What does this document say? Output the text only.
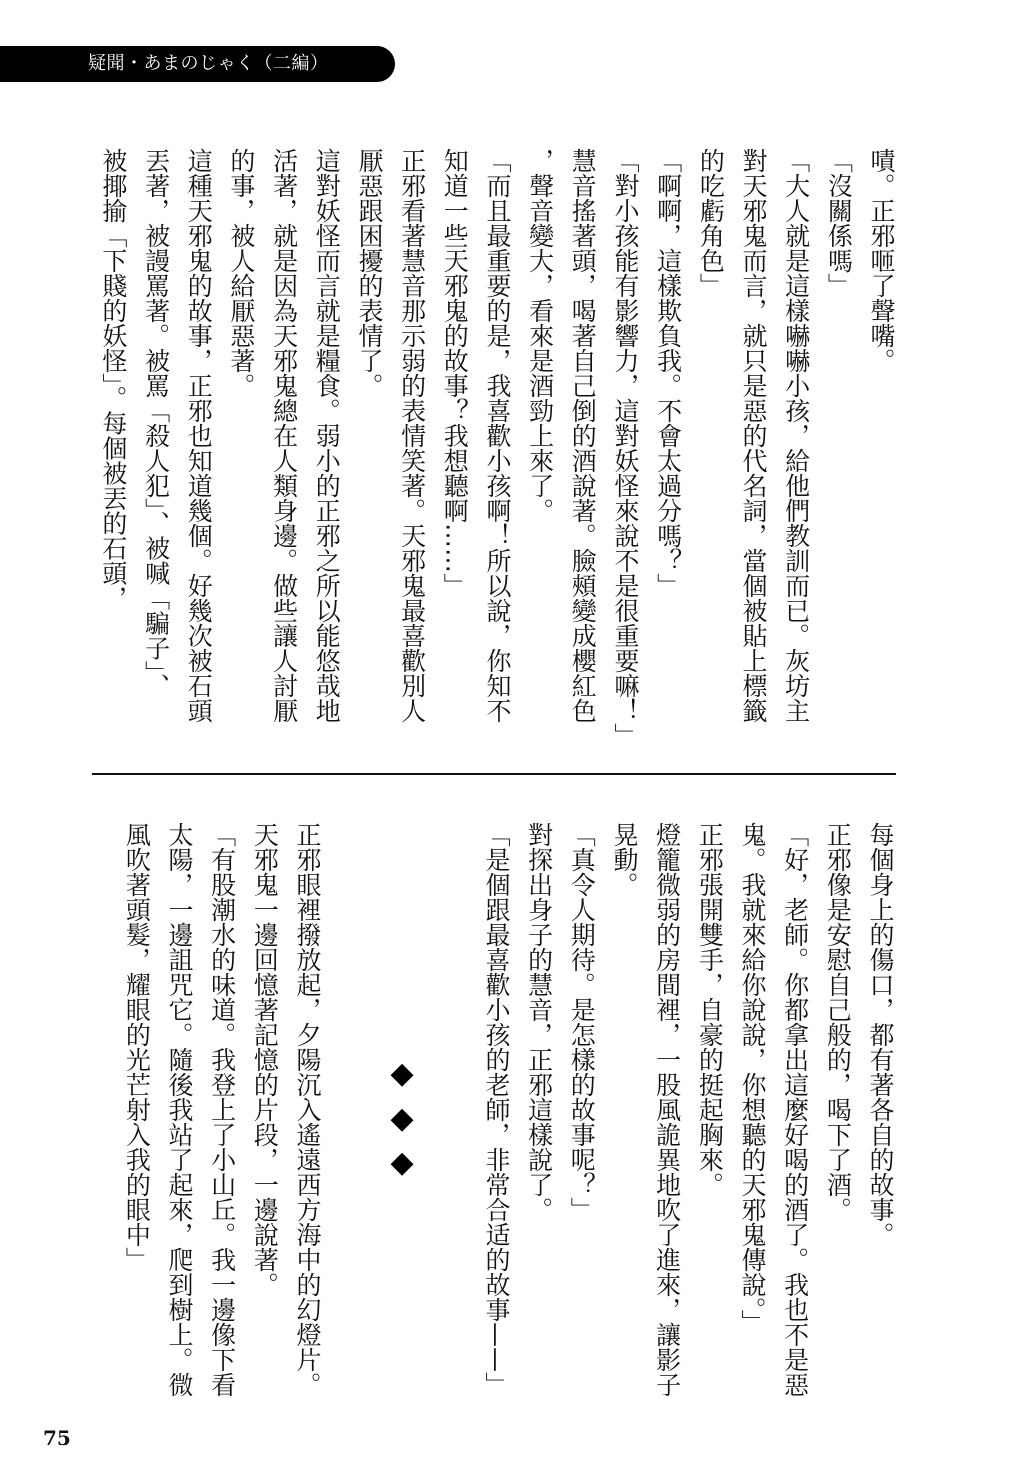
疑聞・あまのじゃく（二編）
嘖。正邪咂了聲嘴。
「沒關係嗎」
「大人就是這樣嚇嚇小孩，給他們教訓而已。灰坊主
對天邪鬼而言，就只是惡的代名詞，當個被貼上標籤
的吃虧角色」
「啊啊，這樣欺負我。不會太過分嗎？」
「對小孩能有影響力，這對妖怪來說不是很重要嘛！」
慧音搖著頭，喝著自己倒的酒說著。臉頰變成櫻紅色
，聲音變大，看來是酒勁上來了。
「而且最重要的是，我喜歡小孩啊！所以說，你知不
知道一些天邪鬼的故事？我想聽啊……」
正邪看著慧音那示弱的表情笑著。天邪鬼最喜歡別人
厭惡跟困擾的表情了。
這對妖怪而言就是糧食。弱小的正邪之所以能悠哉地
活著，就是因為天邪鬼總在人類身邊。做些讓人討厭
的事，被人給厭惡著。
這種天邪鬼的故事，正邪也知道幾個。好幾次被石頭
丟著，被謾罵著。被罵「殺人犯」、被喊「騙子」、
被揶揄「下賤的妖怪」。每個被丟的石頭，
每個身上的傷口，都有著各自的故事。
正邪像是安慰自己般的，喝下了酒。
「好，老師。你都拿出這麼好喝的酒了。我也不是惡
鬼。我就來給你說說，你想聽的天邪鬼傳說。」
正邪張開雙手，自豪的挺起胸來。
燈籠微弱的房間裡，一股風詭異地吹了進來，讓影子
晃動。
「真令人期待。是怎樣的故事呢？」
對探出身子的慧音，正邪這樣說了。
「是個跟最喜歡小孩的老師，非常合适的故事——」
◆
◆
◆
正邪眼裡撥放起，夕陽沉入遙遠西方海中的幻燈片。
天邪鬼一邊回憶著記憶的片段，一邊說著。
「有股潮水的味道。我登上了小山丘。我一邊像下看
太陽，一邊詛咒它。隨後我站了起來，爬到樹上。微
風吹著頭髮，耀眼的光芒射入我的眼中」
75
